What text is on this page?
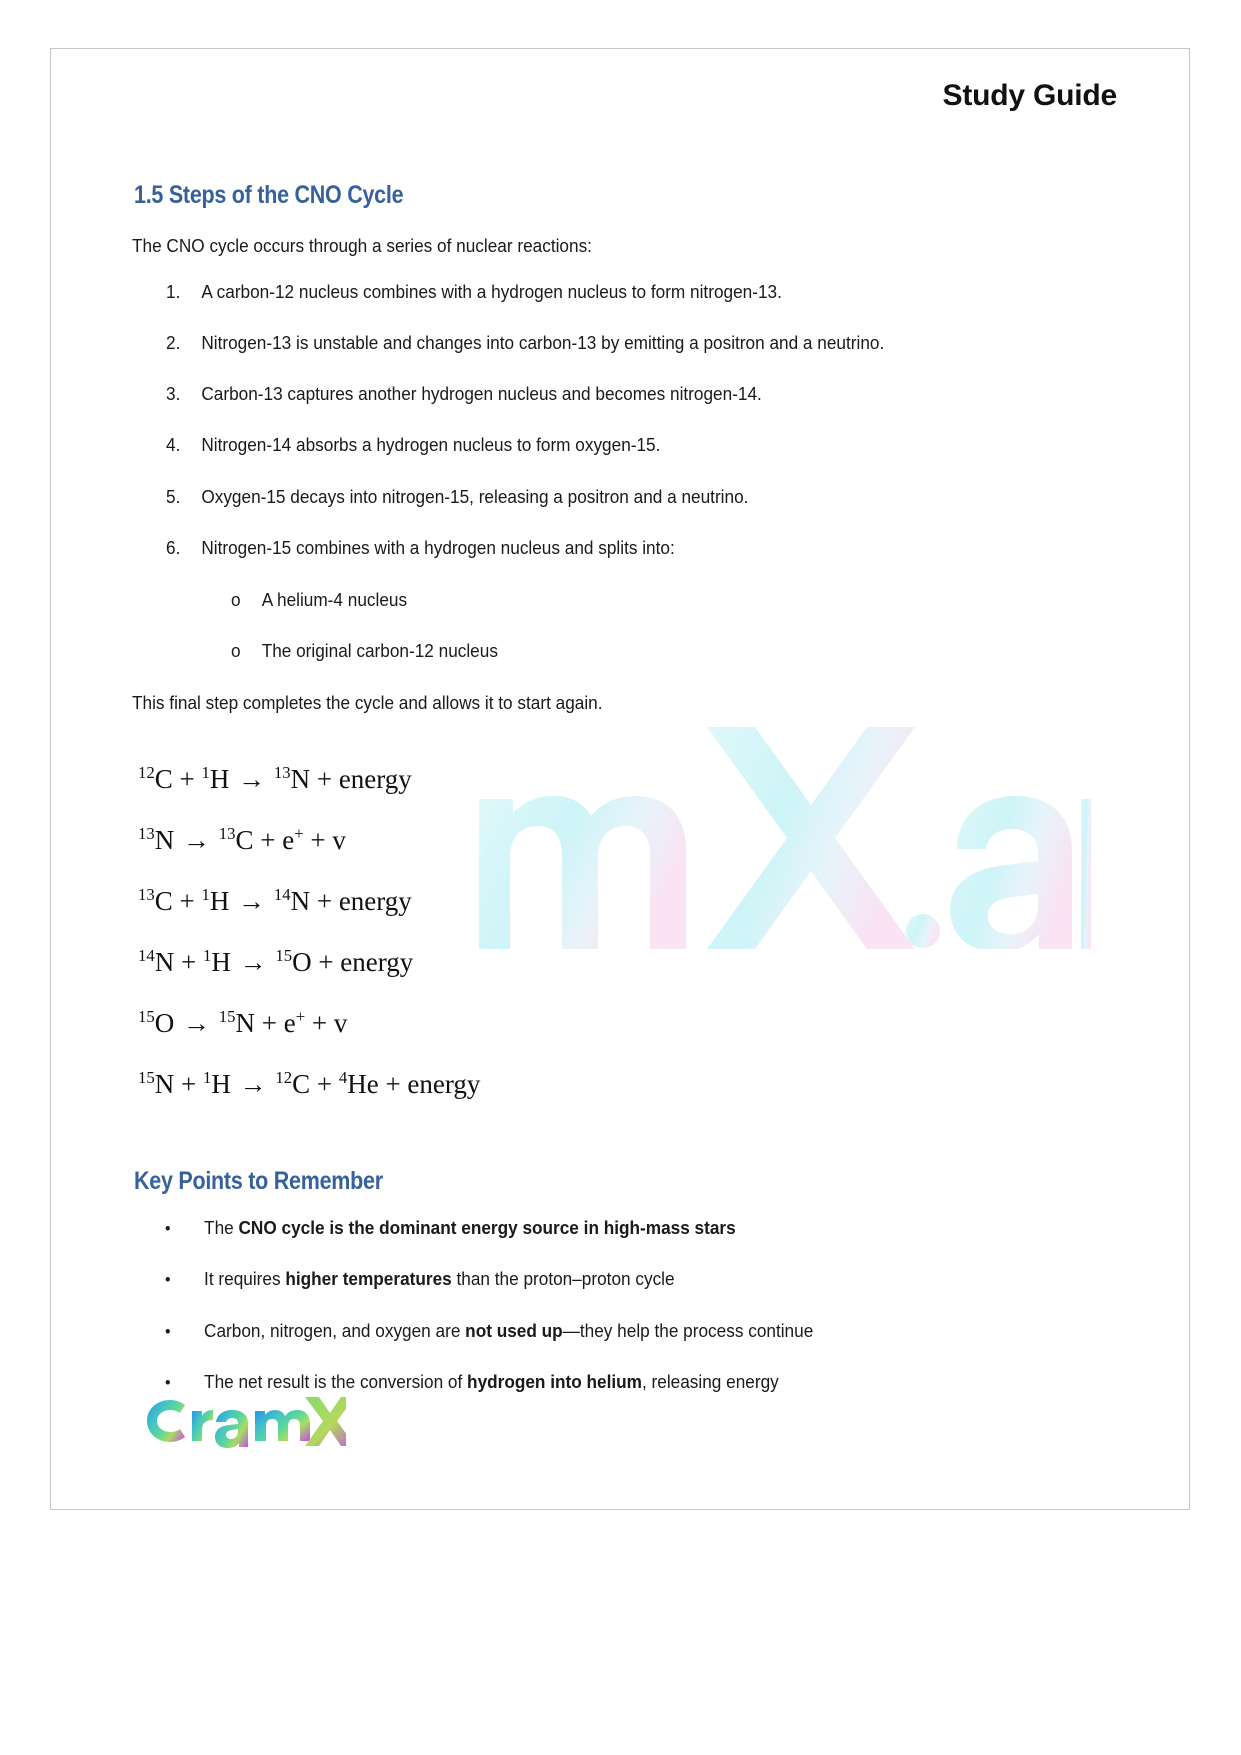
Study Guide
1.5 Steps of the CNO Cycle
The CNO cycle occurs through a series of nuclear reactions:
1. A carbon-12 nucleus combines with a hydrogen nucleus to form nitrogen-13.
2. Nitrogen-13 is unstable and changes into carbon-13 by emitting a positron and a neutrino.
3. Carbon-13 captures another hydrogen nucleus and becomes nitrogen-14.
4. Nitrogen-14 absorbs a hydrogen nucleus to form oxygen-15.
5. Oxygen-15 decays into nitrogen-15, releasing a positron and a neutrino.
6. Nitrogen-15 combines with a hydrogen nucleus and splits into:
o A helium-4 nucleus
o The original carbon-12 nucleus
This final step completes the cycle and allows it to start again.
$^{12}$C + $^1$H → $^{13}$N + energy
$^{13}$N → $^{13}$C + e+ + v
$^{13}$C + $^1$H → $^{14}$N + energy
$^{14}$N + $^1$H → $^{15}$O + energy
$^{15}$O → $^{15}$N + e+ + v
$^{15}$N + $^1$H → $^{12}$C + $^4$He + energy
Key Points to Remember
• The CNO cycle is the dominant energy source in high-mass stars
• It requires higher temperatures than the proton–proton cycle
• Carbon, nitrogen, and oxygen are not used up—they help the process continue
• The net result is the conversion of hydrogen into helium, releasing energy
